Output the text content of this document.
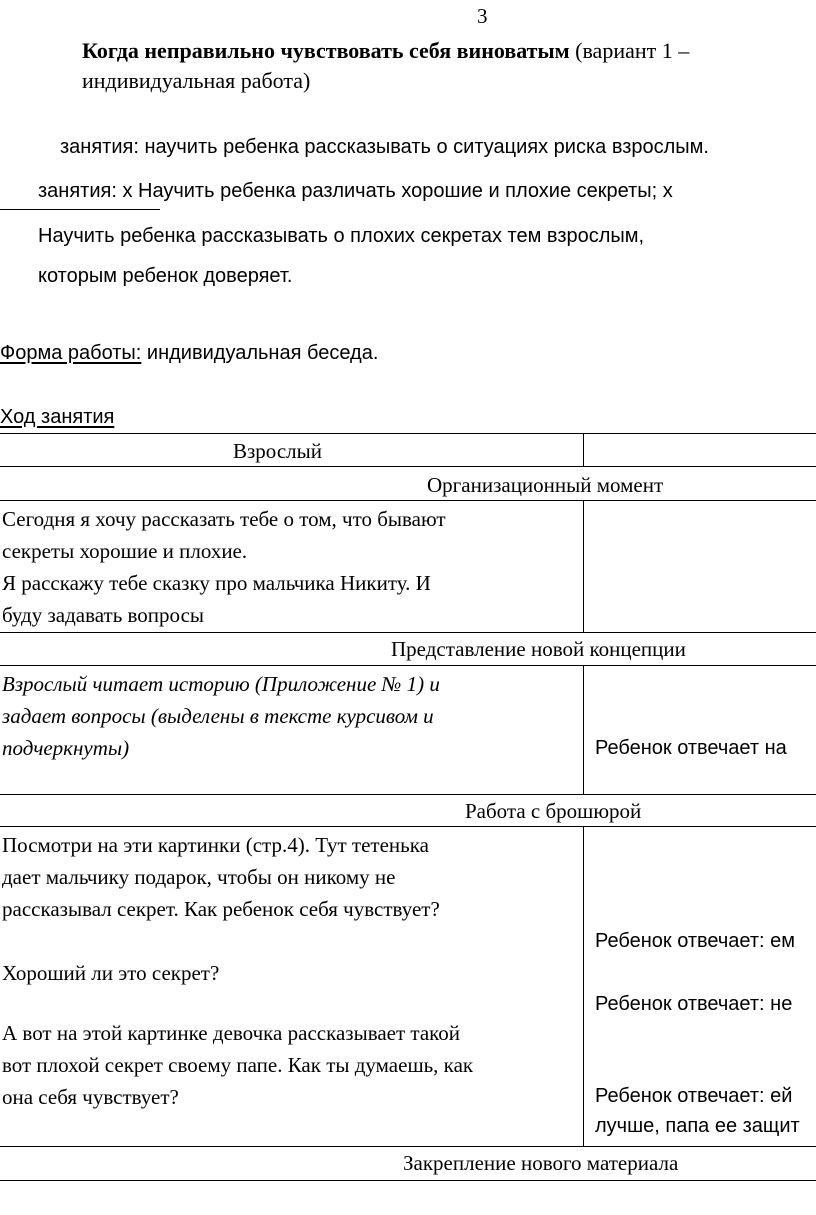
3
Когда неправильно чувствовать себя виноватым (вариант 1 –
индивидуальная работа)
занятия: научить ребенка рассказывать о ситуациях риска взрослым.
занятия: x Научить ребенка различать хорошие и плохие секреты; x
Научить ребенка рассказывать о плохих секретах тем взрослым,
которым ребенок доверяет.
Форма работы: индивидуальная беседа.
Ход занятия
Взрослый
Организационный момент
Сегодня я хочу рассказать тебе о том, что бывают
секреты хорошие и плохие.
Я расскажу тебе сказку про мальчика Никиту. И
буду задавать вопросы
Представление новой концепции
Взрослый читает историю (Приложение № 1) и
задает вопросы (выделены в тексте курсивом и
подчеркнуты)	Ребенок отвечает на
Работа с брошюрой
Посмотри на эти картинки (стр.4). Тут тетенька
дает мальчику подарок, чтобы он никому не
рассказывал секрет. Как ребенок себя чувствует?
Хороший ли это секрет?
А вот на этой картинке девочка рассказывает такой
вот плохой секрет своему папе. Как ты думаешь, как
она себя чувствует?
Ребенок отвечает: ем
Ребенок отвечает: не
Ребенок отвечает: ей
лучше, папа ее защит
Закрепление нового материала
